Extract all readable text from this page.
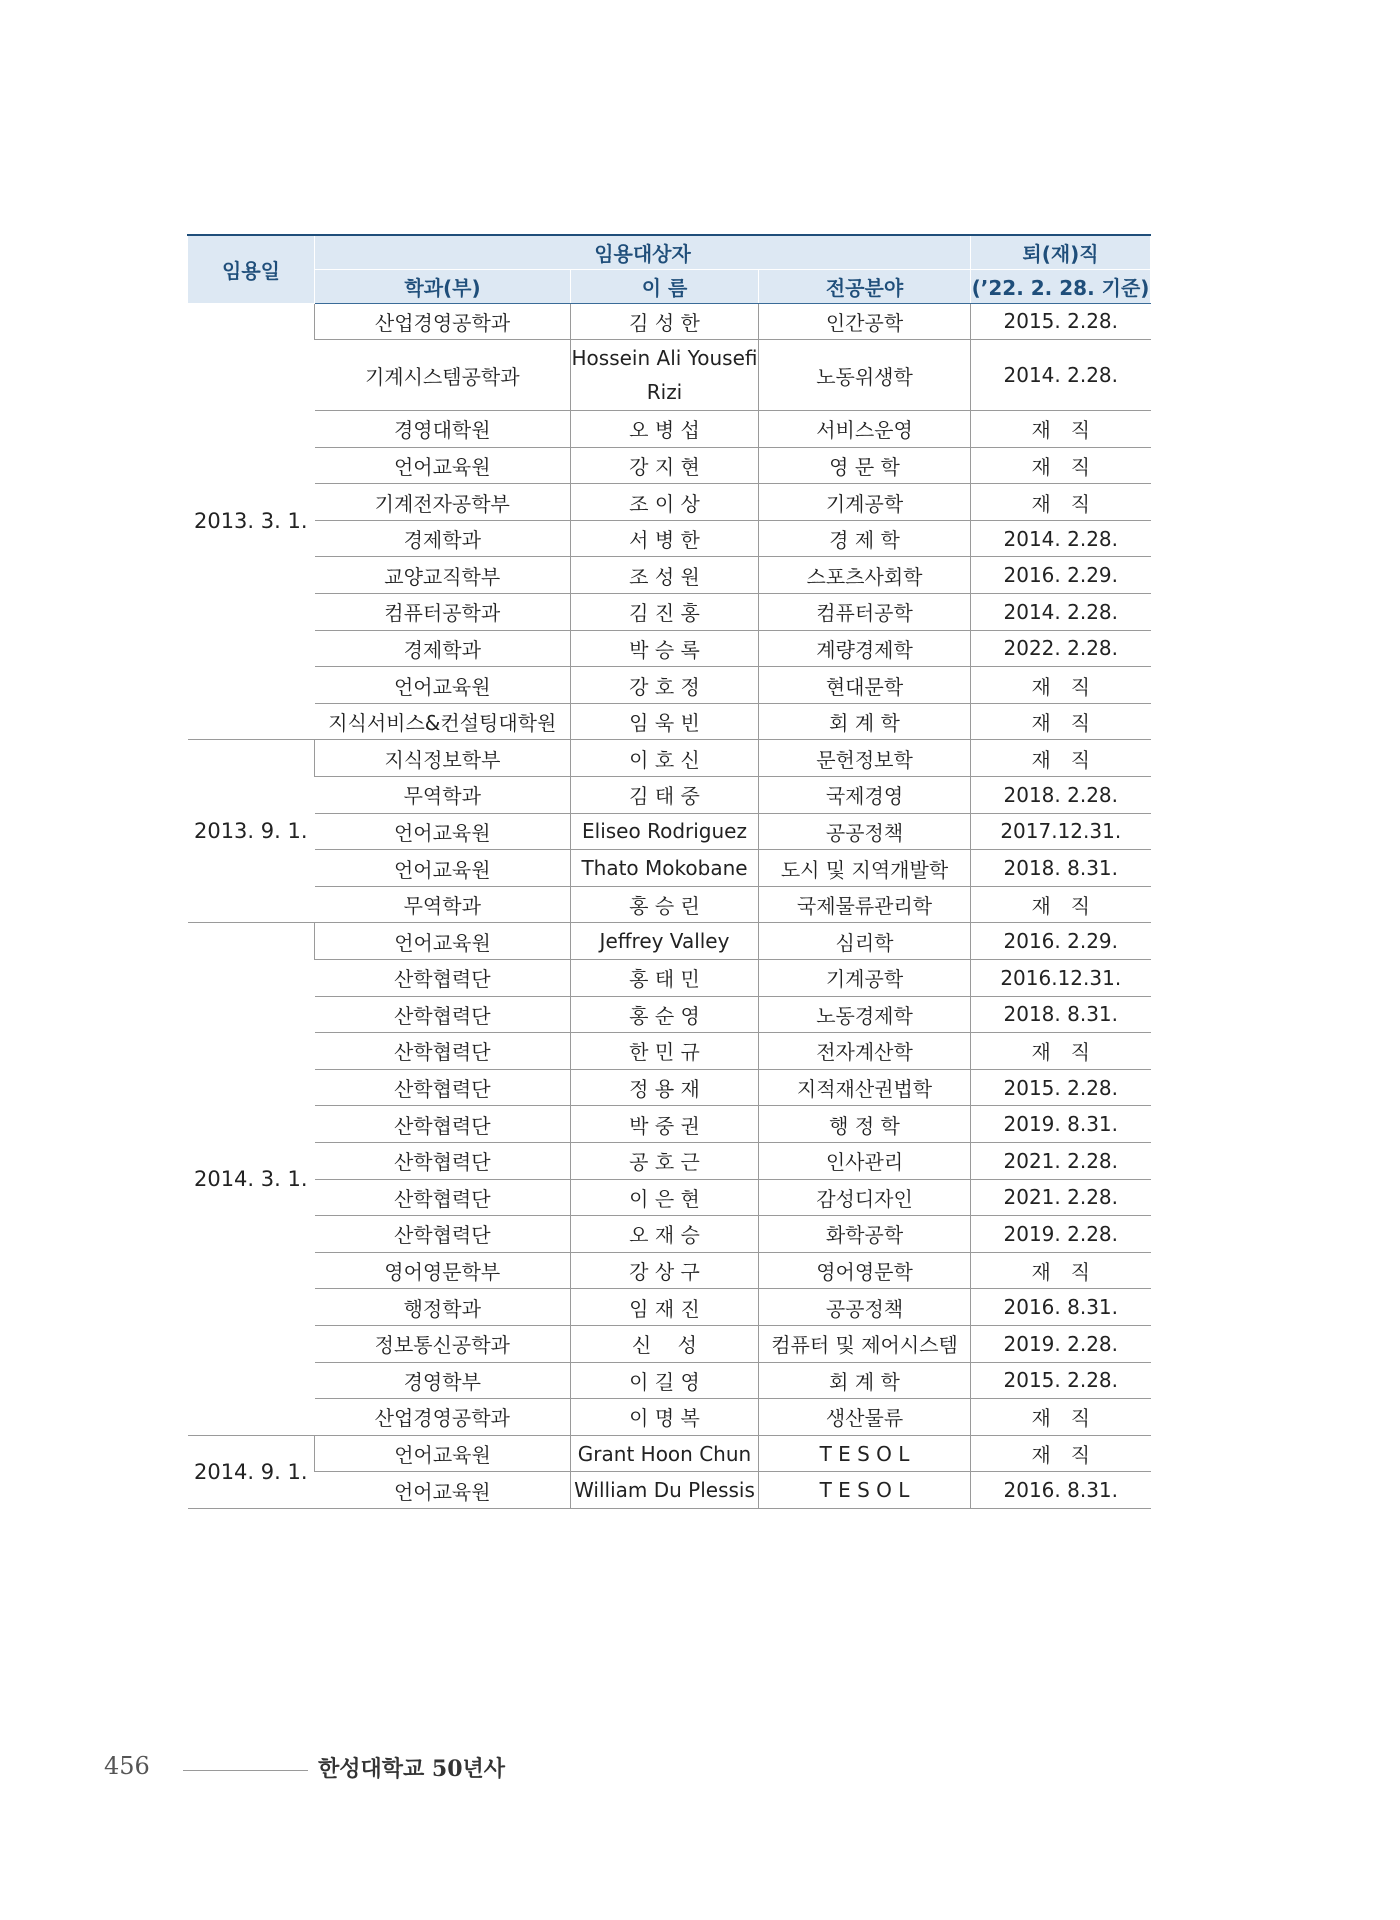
임용일	임용대상자			퇴(재)직
	학과(부)	이 름	전공분야	(’22. 2. 28. 기준)
2013. 3. 1.	산업경영공학과	김 성 한	인간공학	2015. 2.28.
	기계시스템공학과	Hossein Ali Yousefi Rizi	노동위생학	2014. 2.28.
	경영대학원	오 병 섭	서비스운영	재　직
	언어교육원	강 지 현	영 문 학	재　직
	기계전자공학부	조 이 상	기계공학	재　직
	경제학과	서 병 한	경 제 학	2014. 2.28.
	교양교직학부	조 성 원	스포츠사회학	2016. 2.29.
	컴퓨터공학과	김 진 홍	컴퓨터공학	2014. 2.28.
	경제학과	박 승 록	계량경제학	2022. 2.28.
	언어교육원	강 호 정	현대문학	재　직
	지식서비스&컨설팅대학원	임 욱 빈	회 계 학	재　직
2013. 9. 1.	지식정보학부	이 호 신	문헌정보학	재　직
	무역학과	김 태 중	국제경영	2018. 2.28.
	언어교육원	Eliseo Rodriguez	공공정책	2017.12.31.
	언어교육원	Thato Mokobane	도시 및 지역개발학	2018. 8.31.
	무역학과	홍 승 린	국제물류관리학	재　직
2014. 3. 1.	언어교육원	Jeffrey Valley	심리학	2016. 2.29.
	산학협력단	홍 태 민	기계공학	2016.12.31.
	산학협력단	홍 순 영	노동경제학	2018. 8.31.
	산학협력단	한 민 규	전자계산학	재　직
	산학협력단	정 용 재	지적재산권법학	2015. 2.28.
	산학협력단	박 중 권	행 정 학	2019. 8.31.
	산학협력단	공 호 근	인사관리	2021. 2.28.
	산학협력단	이 은 현	감성디자인	2021. 2.28.
	산학협력단	오 재 승	화학공학	2019. 2.28.
	영어영문학부	강 상 구	영어영문학	재　직
	행정학과	임 재 진	공공정책	2016. 8.31.
	정보통신공학과	신　 성	컴퓨터 및 제어시스템	2019. 2.28.
	경영학부	이 길 영	회 계 학	2015. 2.28.
	산업경영공학과	이 명 복	생산물류	재　직
2014. 9. 1.	언어교육원	Grant Hoon Chun	T E S O L	재　직
	언어교육원	William Du Plessis	T E S O L	2016. 8.31.
456	한성대학교 50년사
